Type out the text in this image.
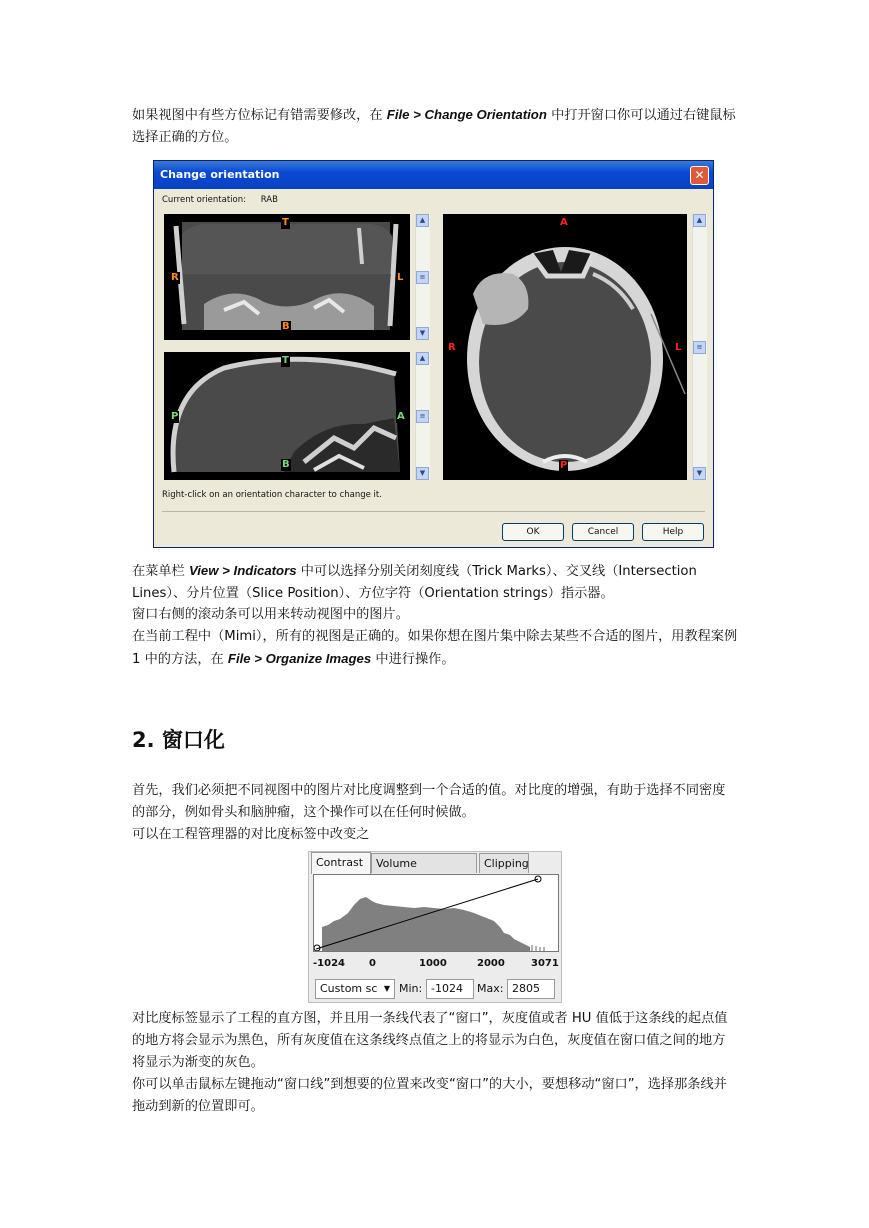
如果视图中有些方位标记有错需要修改，在 File > Change Orientation 中打开窗口你可以通过右键鼠标选择正确的方位。

Change orientation	✕
Current orientation: RAB
T
R	L
B
▲
≡
▼
T
P	A
B
▲
≡
▼
A
R	L
P
▲
≡
▼
Right-click on an orientation character to change it.
OK	Cancel	Help

在菜单栏 View > Indicators 中可以选择分别关闭刻度线（Trick Marks）、交叉线（Intersection Lines）、分片位置（Slice Position）、方位字符（Orientation strings）指示器。

窗口右侧的滚动条可以用来转动视图中的图片。

在当前工程中（Mimi），所有的视图是正确的。如果你想在图片集中除去某些不合适的图片，用教程案例 1 中的方法，在 File > Organize Images 中进行操作。

2. 窗口化

首先，我们必须把不同视图中的图片对比度调整到一个合适的值。对比度的增强，有助于选择不同密度的部分，例如骨头和脑肿瘤，这个操作可以在任何时候做。

可以在工程管理器的对比度标签中改变之

Contrast	Volume	Clipping
-1024 0	1000	2000	3071
Custom sc ▼ Min: -1024	Max: 2805

对比度标签显示了工程的直方图，并且用一条线代表了“窗口”，灰度值或者 HU 值低于这条线的起点值的地方将会显示为黑色，所有灰度值在这条线终点值之上的将显示为白色，灰度值在窗口值之间的地方将显示为渐变的灰色。

你可以单击鼠标左键拖动“窗口线”到想要的位置来改变“窗口”的大小，要想移动“窗口”，选择那条线并拖动到新的位置即可。
